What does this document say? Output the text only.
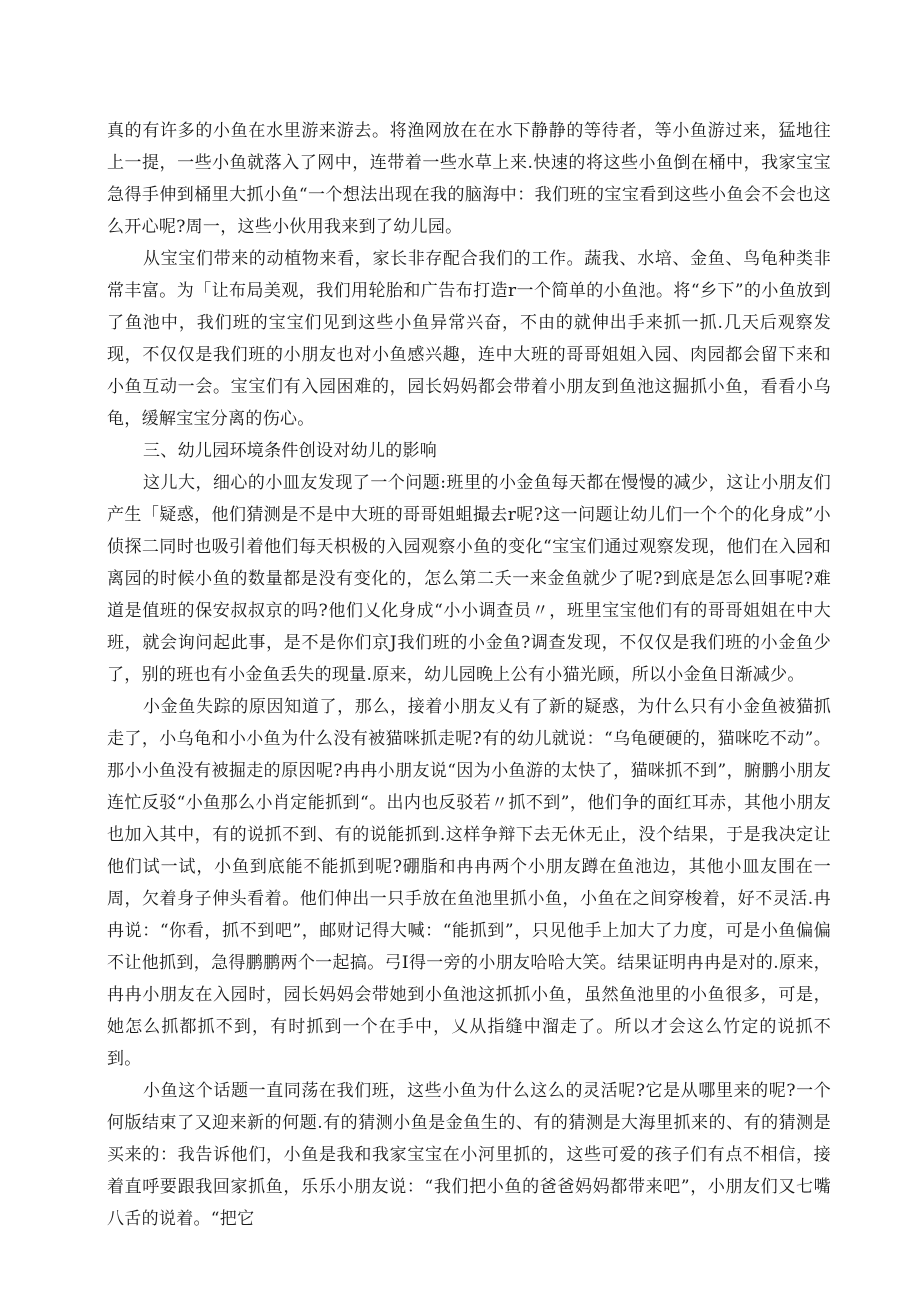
真的有许多的小鱼在水里游来游去。将渔网放在在水下静静的等待者，等小鱼游过来，猛地往上一提，一些小鱼就落入了网中，连带着一些水草上来.快速的将这些小鱼倒在桶中，我家宝宝急得手伸到桶里大抓小鱼“一个想法出现在我的脑海中：我们班的宝宝看到这些小鱼会不会也这么开心呢?周一，这些小伙用我来到了幼儿园。

从宝宝们带来的动植物来看，家长非存配合我们的工作。蔬我、水培、金鱼、鸟龟种类非常丰富。为「让布局美观，我们用轮胎和广告布打造r一个简单的小鱼池。将“乡下”的小鱼放到了鱼池中，我们班的宝宝们见到这些小鱼异常兴奋，不由的就伸出手来抓一抓.几天后观察发现，不仅仅是我们班的小朋友也对小鱼感兴趣，连中大班的哥哥姐姐入园、肉园都会留下来和小鱼互动一会。宝宝们有入园困难的，园长妈妈都会带着小朋友到鱼池这掘抓小鱼，看看小乌龟，缓解宝宝分离的伤心。

三、幼儿园环境条件创设对幼儿的影响

这儿大，细心的小皿友发现了一个问题:班里的小金鱼每天都在慢慢的减少，这让小朋友们产生「疑惑，他们猜测是不是中大班的哥哥姐蛆撮去r呢?这一问题让幼儿们一个个的化身成”小侦探二同时也吸引着他们每天枳极的入园观察小鱼的变化“宝宝们通过观察发现，他们在入园和离园的时候小鱼的数量都是没有变化的，怎么第二夭一来金鱼就少了呢?到底是怎么回事呢?难道是值班的保安叔叔京的吗?他们乂化身成“小小调查员〃，班里宝宝他们有的哥哥姐姐在中大班，就会询问起此事，是不是你们京J我们班的小金鱼?调查发现，不仅仅是我们班的小金鱼少了，别的班也有小金鱼丢失的现量.原来，幼儿园晚上公有小猫光顾，所以小金鱼日渐减少。

小金鱼失踪的原因知道了，那么，接着小朋友乂有了新的疑惑，为什么只有小金鱼被猫抓走了，小乌龟和小小鱼为什么没有被猫咪抓走呢?有的幼儿就说：“乌龟硬硬的，猫咪吃不动”。那小小鱼没有被掘走的原因呢?冉冉小朋友说“因为小鱼游的太快了，猫咪抓不到”，腑鹏小朋友连忙反驳“小鱼那么小肖定能抓到“。出内也反驳若〃抓不到”，他们争的面红耳赤，其他小朋友也加入其中，有的说抓不到、有的说能抓到.这样争辩下去无休无止，没个结果，于是我决定让他们试一试，小鱼到底能不能抓到呢?硼脂和冉冉两个小朋友蹲在鱼池边，其他小皿友围在一周，欠着身子伸头看着。他们伸出一只手放在鱼池里抓小鱼，小鱼在之间穿梭着，好不灵活.冉冉说：“你看，抓不到吧”，邮财记得大喊：“能抓到”，只见他手上加大了力度，可是小鱼偏偏不让他抓到，急得鹏鹏两个一起搞。弓I得一旁的小朋友哈哈大笑。结果证明冉冉是对的.原来，冉冉小朋友在入园时，园长妈妈会带她到小鱼池这抓抓小鱼，虽然鱼池里的小鱼很多，可是，她怎么抓都抓不到，有时抓到一个在手中，乂从指缝中溜走了。所以才会这么竹定的说抓不到。

小鱼这个话题一直同荡在我们班，这些小鱼为什么这么的灵活呢?它是从哪里来的呢?一个何版结束了又迎来新的何题.有的猜测小鱼是金鱼生的、有的猜测是大海里抓来的、有的猜测是买来的：我告诉他们，小鱼是我和我家宝宝在小河里抓的，这些可爱的孩子们有点不相信，接着直呼要跟我回家抓鱼，乐乐小朋友说：“我们把小鱼的爸爸妈妈都带来吧”，小朋友们又七嘴八舌的说着。“把它
